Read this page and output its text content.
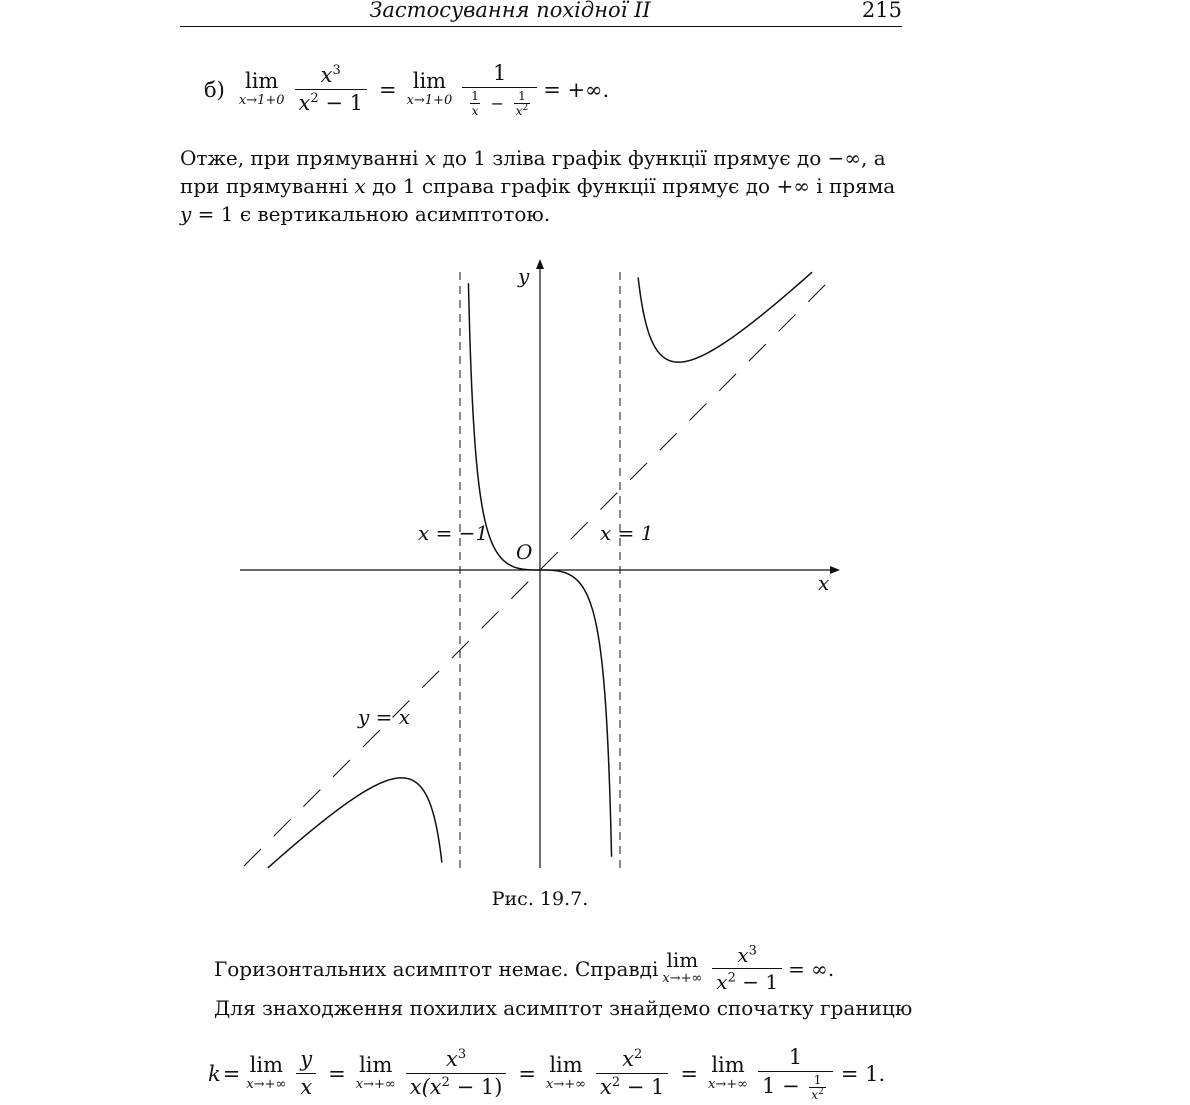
Застосування похідної ІІ	215
б) lim
$x\to 1+0 \frac{x^3}{x^2 - 1} = \lim$
$x\to 1+0 \frac{1}{\frac{1}{x} - \frac{1}{x^2}}$ = +∞.
Отже, при прямуванні x до 1 зліва графік функції прямує до −∞, а при прямуванні x до 1 справа графік функції прямує до +∞ і пряма y = 1 є вертикальною асимптотою.
y
x
O
x = −1	x = 1
y = x
Рис. 19.7.
Горизонтальних асимптот немає. Справді lim
$x\to+\infty \frac{x^3}{x^2 - 1}$ = ∞.
Для знаходження похилих асимптот знайдемо спочатку границю
k = lim
$x\to+\infty \frac{y}{x} = \lim$
$x\to+\infty \frac{x^3}{x(x^2 - 1)} = \lim$
$x\to+\infty \frac{x^2}{x^2 - 1} = \lim$
$x\to+\infty \frac{1}{1 - \frac{1}{x^2}} = 1$.
